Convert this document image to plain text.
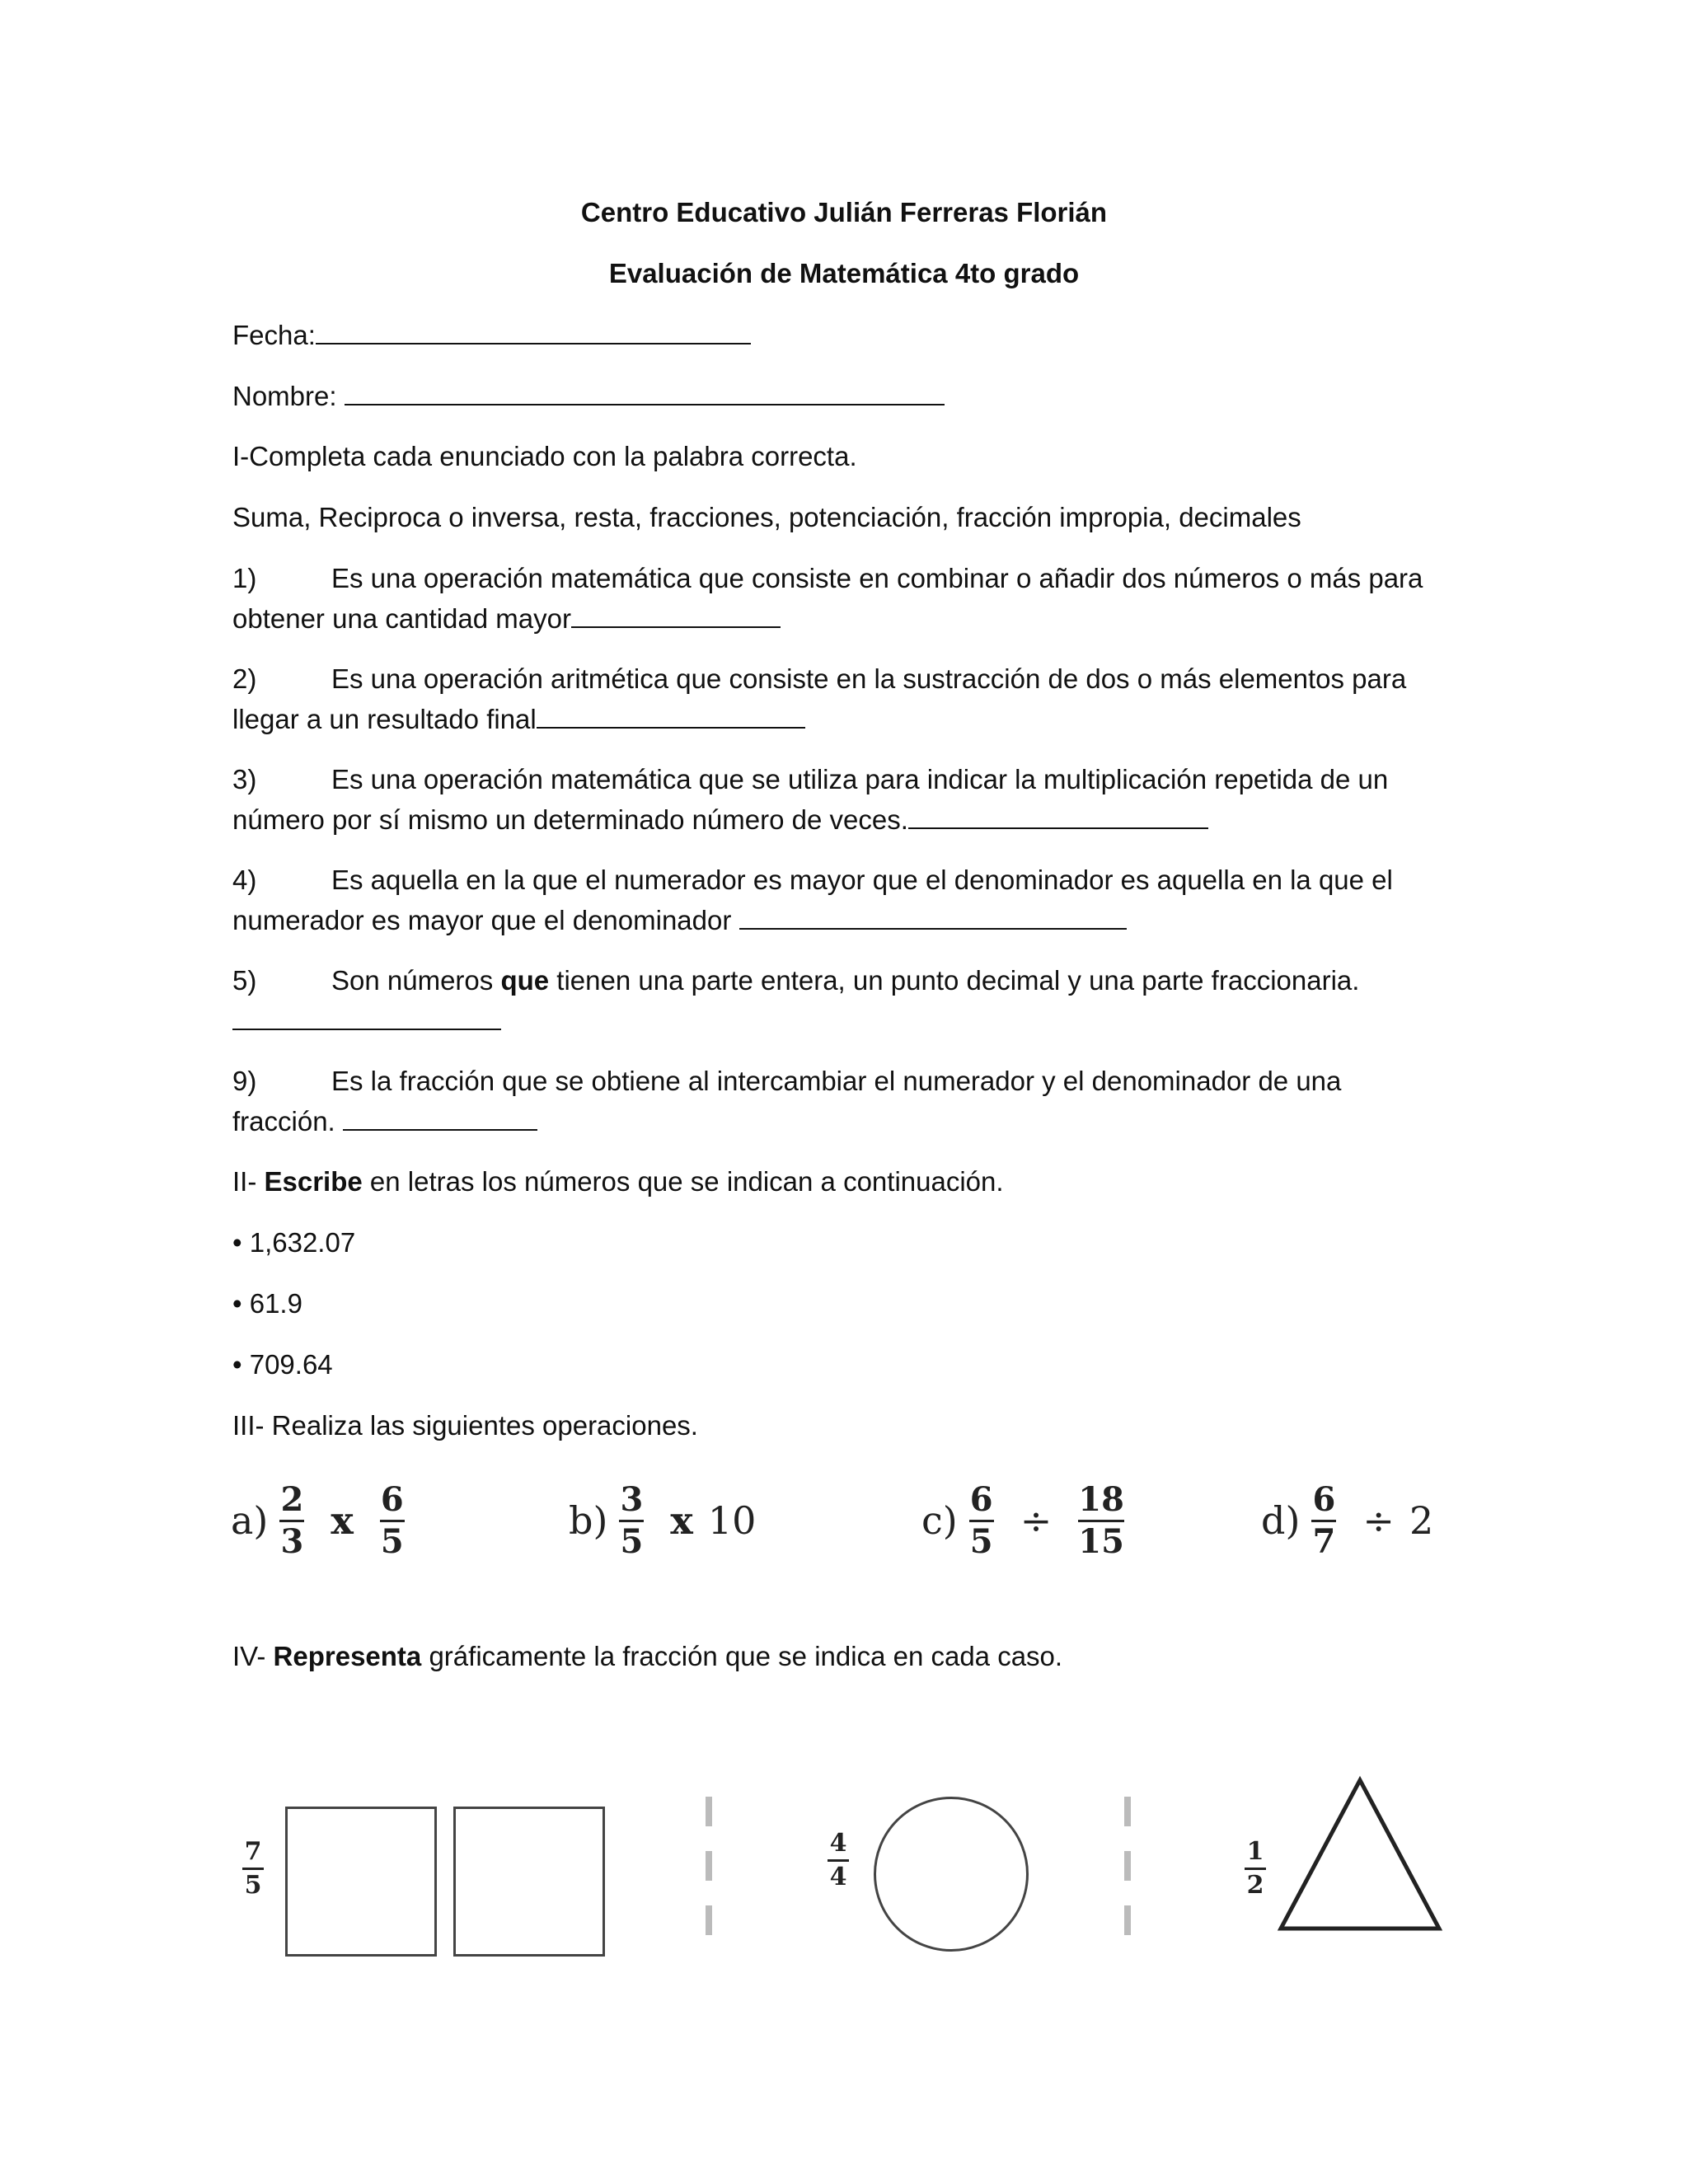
Centro Educativo Julián Ferreras Florián
Evaluación de Matemática 4to grado
Fecha:
Nombre:
I-Completa cada enunciado con la palabra correcta.
Suma, Reciproca o inversa, resta, fracciones, potenciación, fracción impropia, decimales
1)	Es una operación matemática que consiste en combinar o añadir dos números o más para
obtener una cantidad mayor
2)	Es una operación aritmética que consiste en la sustracción de dos o más elementos para
llegar a un resultado final
3)	Es una operación matemática que se utiliza para indicar la multiplicación repetida de un
número por sí mismo un determinado número de veces.
4)	Es aquella en la que el numerador es mayor que el denominador es aquella en la que el
numerador es mayor que el denominador
5)	Son números que tienen una parte entera, un punto decimal y una parte fraccionaria.
9)	Es la fracción que se obtiene al intercambiar el numerador y el denominador de una
fracción.
II- Escribe en letras los números que se indican a continuación.
• 1,632.07
• 61.9
• 709.64
III- Realiza las siguientes operaciones.
$a) \frac{2}{3}$ x $\frac{6}{5}$	$b) \frac{3}{5}$ x 10	$c) \frac{6}{5} \div \frac{18}{15}$	$d) \frac{6}{7} \div 2$
IV- Representa gráficamente la fracción que se indica en cada caso.
7
5
4
4
1
2
